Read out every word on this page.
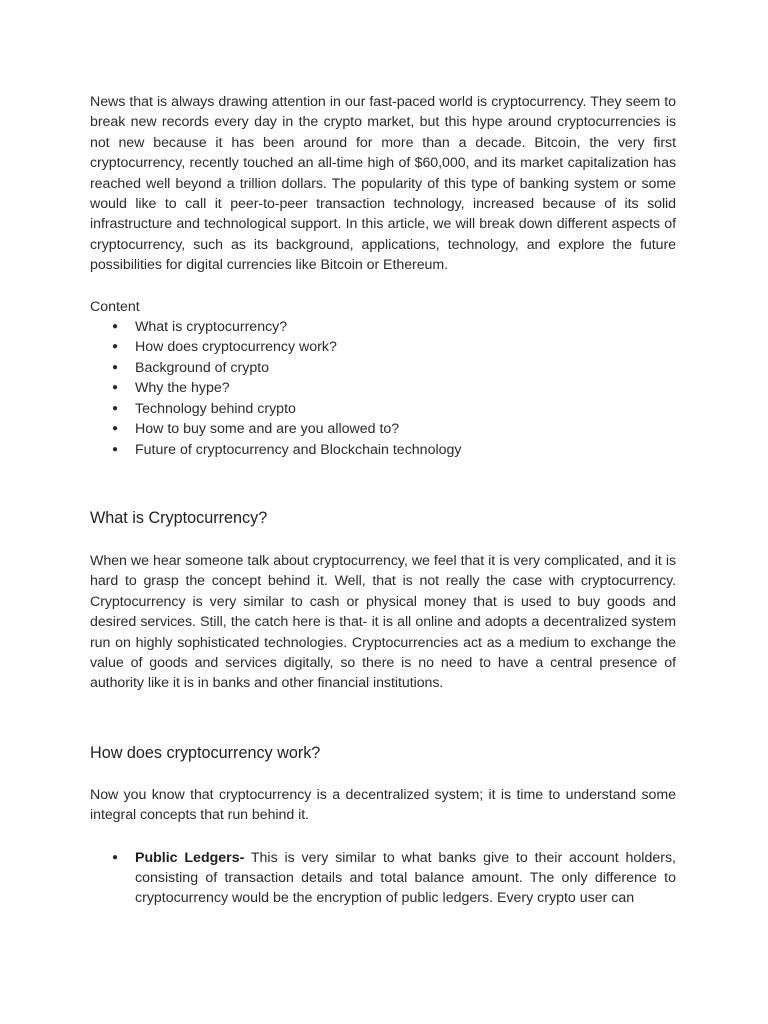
News that is always drawing attention in our fast-paced world is cryptocurrency. They seem to break new records every day in the crypto market, but this hype around cryptocurrencies is not new because it has been around for more than a decade. Bitcoin, the very first cryptocurrency, recently touched an all-time high of $60,000, and its market capitalization has reached well beyond a trillion dollars. The popularity of this type of banking system or some would like to call it peer-to-peer transaction technology, increased because of its solid infrastructure and technological support. In this article, we will break down different aspects of cryptocurrency, such as its background, applications, technology, and explore the future possibilities for digital currencies like Bitcoin or Ethereum.

Content

● What is cryptocurrency?
● How does cryptocurrency work?
● Background of crypto
● Why the hype?
● Technology behind crypto
● How to buy some and are you allowed to?
● Future of cryptocurrency and Blockchain technology
What is Cryptocurrency?

When we hear someone talk about cryptocurrency, we feel that it is very complicated, and it is hard to grasp the concept behind it. Well, that is not really the case with cryptocurrency. Cryptocurrency is very similar to cash or physical money that is used to buy goods and desired services. Still, the catch here is that- it is all online and adopts a decentralized system run on highly sophisticated technologies. Cryptocurrencies act as a medium to exchange the value of goods and services digitally, so there is no need to have a central presence of authority like it is in banks and other financial institutions.

How does cryptocurrency work?

Now you know that cryptocurrency is a decentralized system; it is time to understand some integral concepts that run behind it.

● Public Ledgers- This is very similar to what banks give to their account holders, consisting of transaction details and total balance amount. The only difference to cryptocurrency would be the encryption of public ledgers. Every crypto user can
